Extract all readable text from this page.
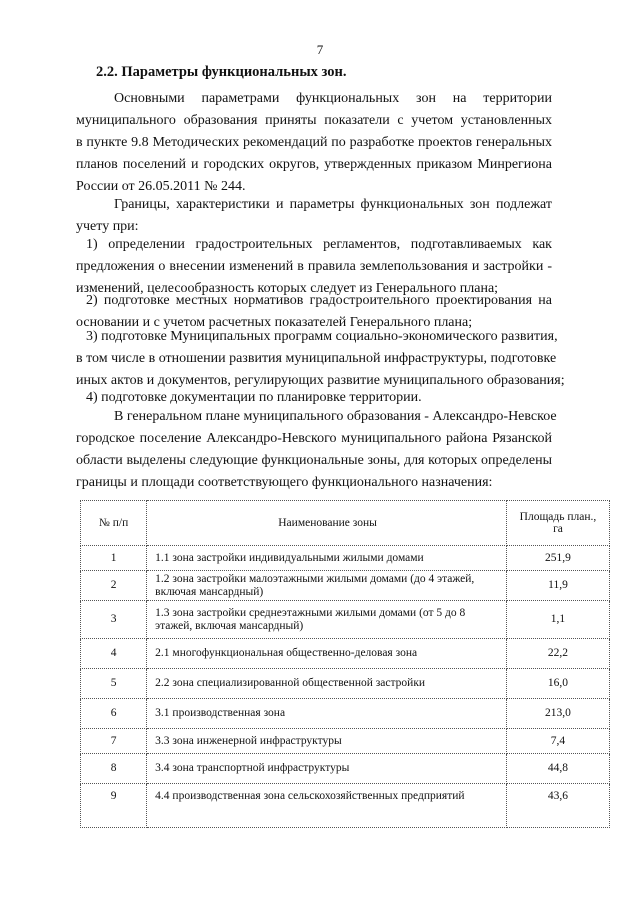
7
2.2. Параметры функциональных зон.
Основными параметрами функциональных зон на территории
муниципального образования приняты показатели с учетом установленных
в пункте 9.8 Методических рекомендаций по разработке проектов генеральных
планов поселений и городских округов, утвержденных приказом Минрегиона
России от 26.05.2011 № 244.
Границы, характеристики и параметры функциональных зон подлежат
учету при:
1) определении градостроительных регламентов, подготавливаемых как
предложения о внесении изменений в правила землепользования и застройки -
изменений, целесообразность которых следует из Генерального плана;
2) подготовке местных нормативов градостроительного проектирования на
основании и с учетом расчетных показателей Генерального плана;
3) подготовке Муниципальных программ социально-экономического развития,
в том числе в отношении развития муниципальной инфраструктуры, подготовке
иных актов и документов, регулирующих развитие муниципального образования;
4) подготовке документации по планировке территории.
В генеральном плане муниципального образования - Александро-Невское
городское поселение Александро-Невского муниципального района Рязанской
области выделены следующие функциональные зоны, для которых определены
границы и площади соответствующего функционального назначения:
№ п/п	Наименование зоны	Площадь план.,
га
1	1.1 зона застройки индивидуальными жилыми домами	251,9
2	1.2 зона застройки малоэтажными жилыми домами (до 4 этажей, включая мансардный)	11,9
3	1.3 зона застройки среднеэтажными жилыми домами (от 5 до 8 этажей, включая мансардный)	1,1
4	2.1 многофункциональная общественно-деловая зона	22,2
5	2.2 зона специализированной общественной застройки	16,0
6	3.1 производственная зона	213,0
7	3.3 зона инженерной инфраструктуры	7,4
8	3.4 зона транспортной инфраструктуры	44,8
9	4.4 производственная зона сельскохозяйственных предприятий	43,6
